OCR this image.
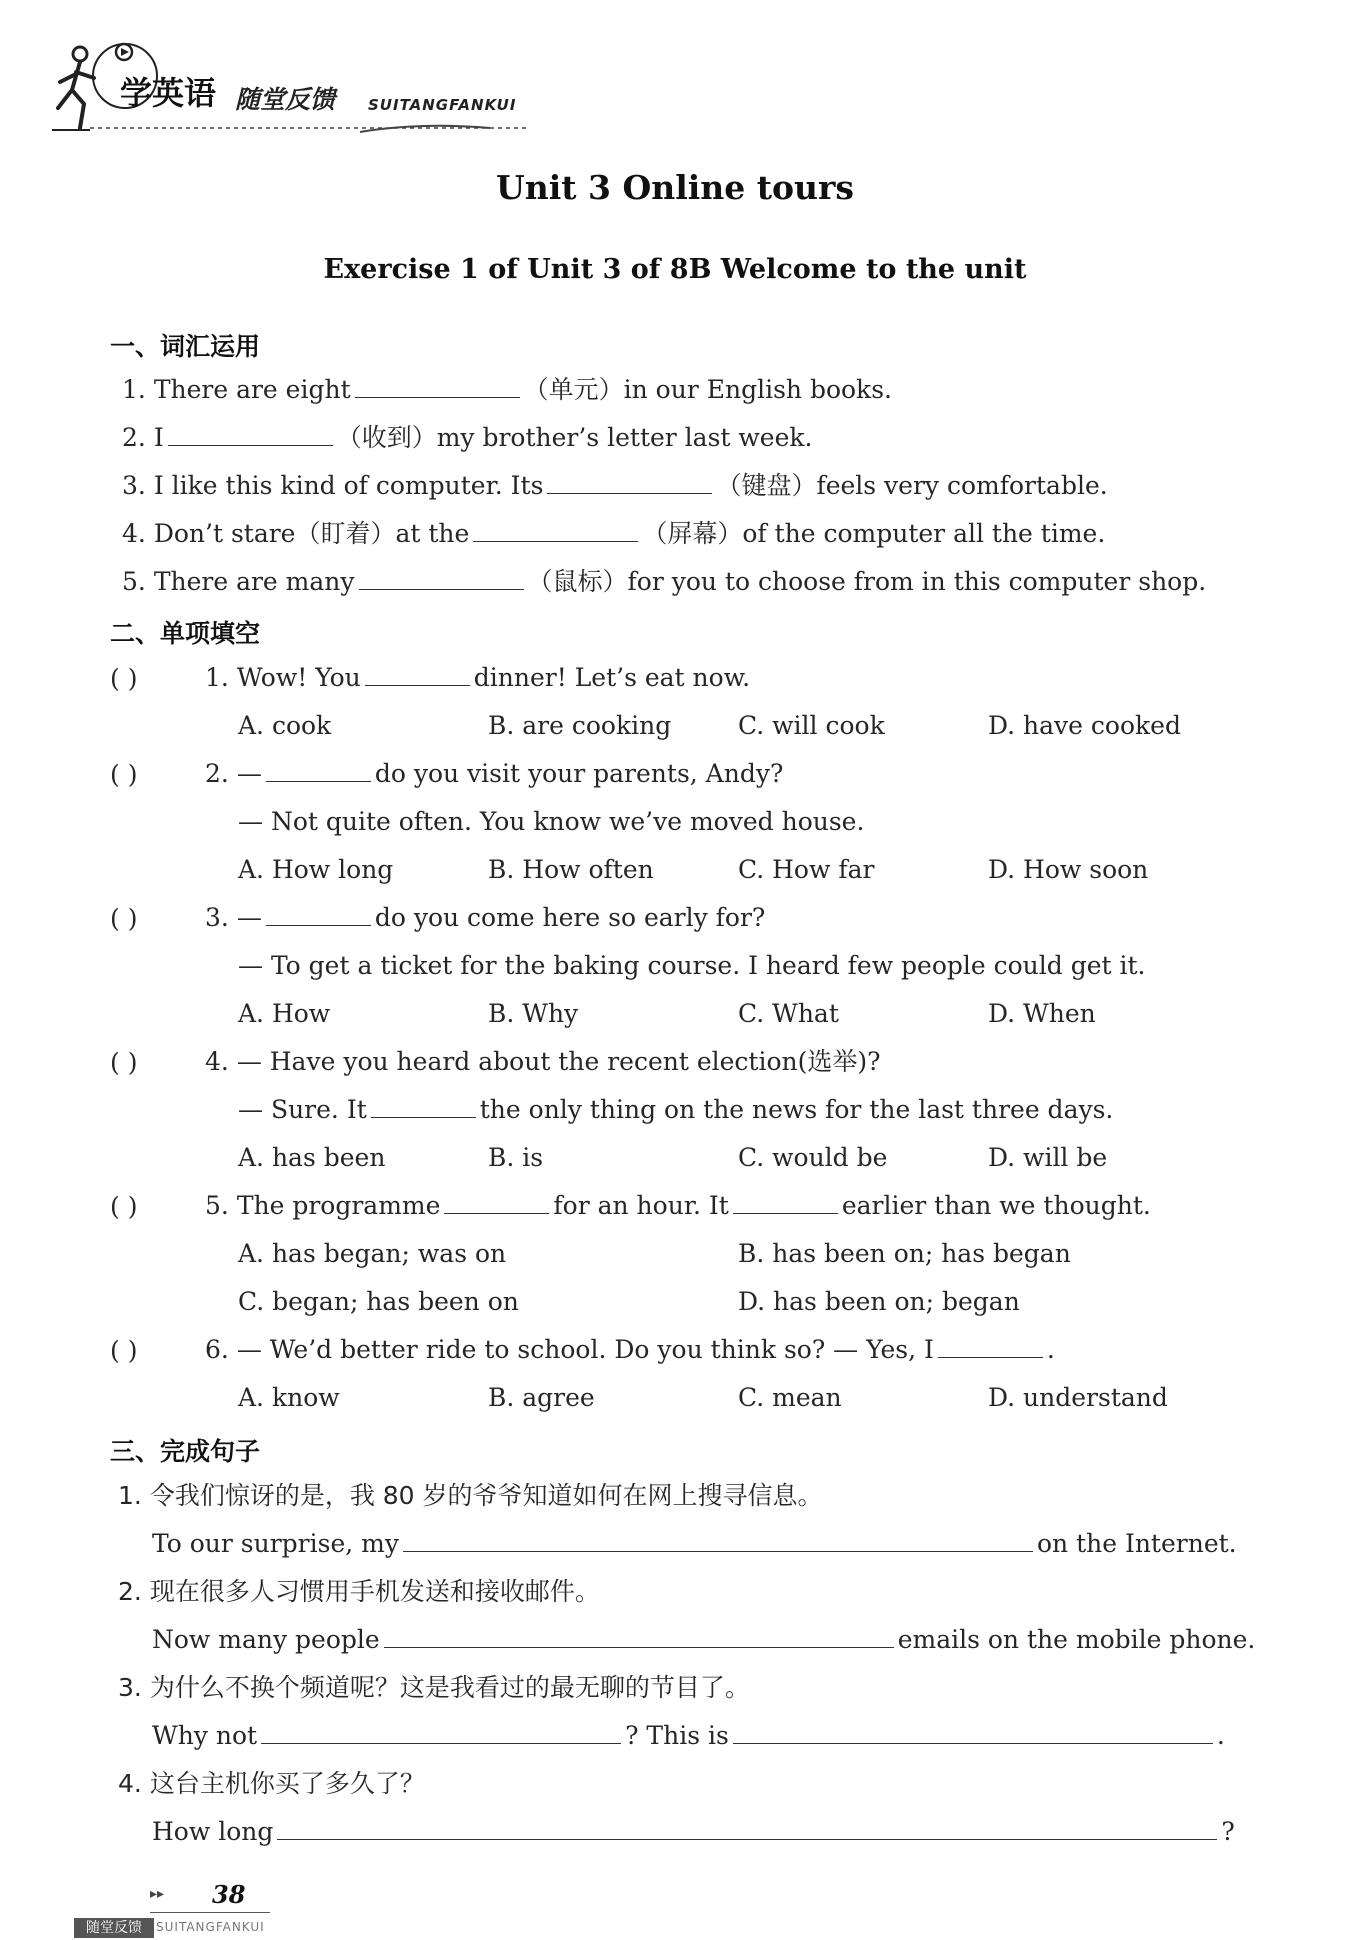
学英语 随堂反馈 SUITANGFANKUI
Unit 3 Online tours
Exercise 1 of Unit 3 of 8B Welcome to the unit
一、词汇运用
1. There are eight	（单元）in our English books.
2. I	（收到）my brother’s letter last week.
3. I like this kind of computer. Its	（键盘）feels very comfortable.
4. Don’t stare（盯着）at the	（屏幕）of the computer all the time.
5. There are many	（鼠标）for you to choose from in this computer shop.
二、单项填空
( )	1. Wow! You	dinner! Let’s eat now.
A. cook	B. are cooking	C. will cook	D. have cooked
( )	2. —	do you visit your parents, Andy?
— Not quite often. You know we’ve moved house.
A. How long	B. How often	C. How far	D. How soon
( )	3. —	do you come here so early for?
— To get a ticket for the baking course. I heard few people could get it.
A. How	B. Why	C. What	D. When
( )	4. — Have you heard about the recent election(选举)?
— Sure. It	the only thing on the news for the last three days.
A. has been	B. is	C. would be	D. will be
( )	5. The programme	for an hour. It	earlier than we thought.
A. has began; was on	B. has been on; has began
C. began; has been on	D. has been on; began
( )	6. — We’d better ride to school. Do you think so? — Yes, I	.
A. know	B. agree	C. mean	D. understand
三、完成句子
1. 令我们惊讶的是，我 80 岁的爷爷知道如何在网上搜寻信息。
To our surprise, my	on the Internet.
2. 现在很多人习惯用手机发送和接收邮件。
Now many people	emails on the mobile phone.
3. 为什么不换个频道呢？这是我看过的最无聊的节目了。
Why not	? This is	.
4. 这台主机你买了多久了？
How long	?
▸▸ 38
随堂反馈	SUITANGFANKUI
